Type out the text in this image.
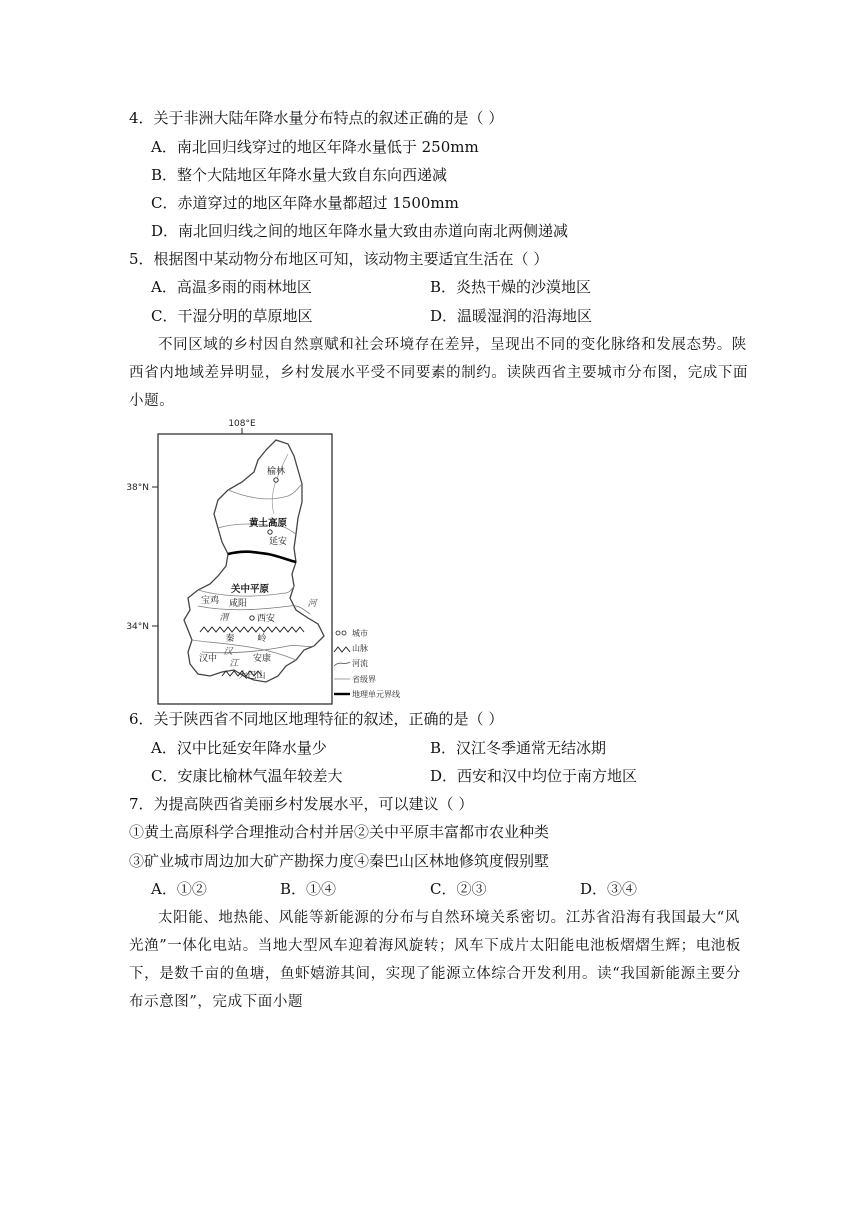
4．关于非洲大陆年降水量分布特点的叙述正确的是（ ）
A．南北回归线穿过的地区年降水量低于 250mm
B．整个大陆地区年降水量大致自东向西递减
C．赤道穿过的地区年降水量都超过 1500mm
D．南北回归线之间的地区年降水量大致由赤道向南北两侧递减
5．根据图中某动物分布地区可知，该动物主要适宜生活在（ ）
A．高温多雨的雨林地区	B．炎热干燥的沙漠地区
C．干湿分明的草原地区	D．温暖湿润的沿海地区
不同区域的乡村因自然禀赋和社会环境存在差异，呈现出不同的变化脉络和发展态势。陕西省内地域差异明显，乡村发展水平受不同要素的制约。读陕西省主要城市分布图，完成下面小题。
108°E
38°N
34°N
榆林
延安
宝鸡 咸阳
西安
汉中	安康
黄土高原
关中平原
渭
河
秦	岭
汉
江
大巴山
城市
山脉
河流
省级界
地理单元界线
6．关于陕西省不同地区地理特征的叙述，正确的是（ ）
A．汉中比延安年降水量少	B．汉江冬季通常无结冰期
C．安康比榆林气温年较差大	D．西安和汉中均位于南方地区
7．为提高陕西省美丽乡村发展水平，可以建议（ ）
①黄土高原科学合理推动合村并居②关中平原丰富都市农业种类
③矿业城市周边加大矿产勘探力度④秦巴山区林地修筑度假别墅
A．①②	B．①④	C．②③	D．③④
太阳能、地热能、风能等新能源的分布与自然环境关系密切。江苏省沿海有我国最大“风光渔”一体化电站。当地大型风车迎着海风旋转；风车下成片太阳能电池板熠熠生辉；电池板下，是数千亩的鱼塘，鱼虾嬉游其间，实现了能源立体综合开发利用。读“我国新能源主要分布示意图”，完成下面小题
